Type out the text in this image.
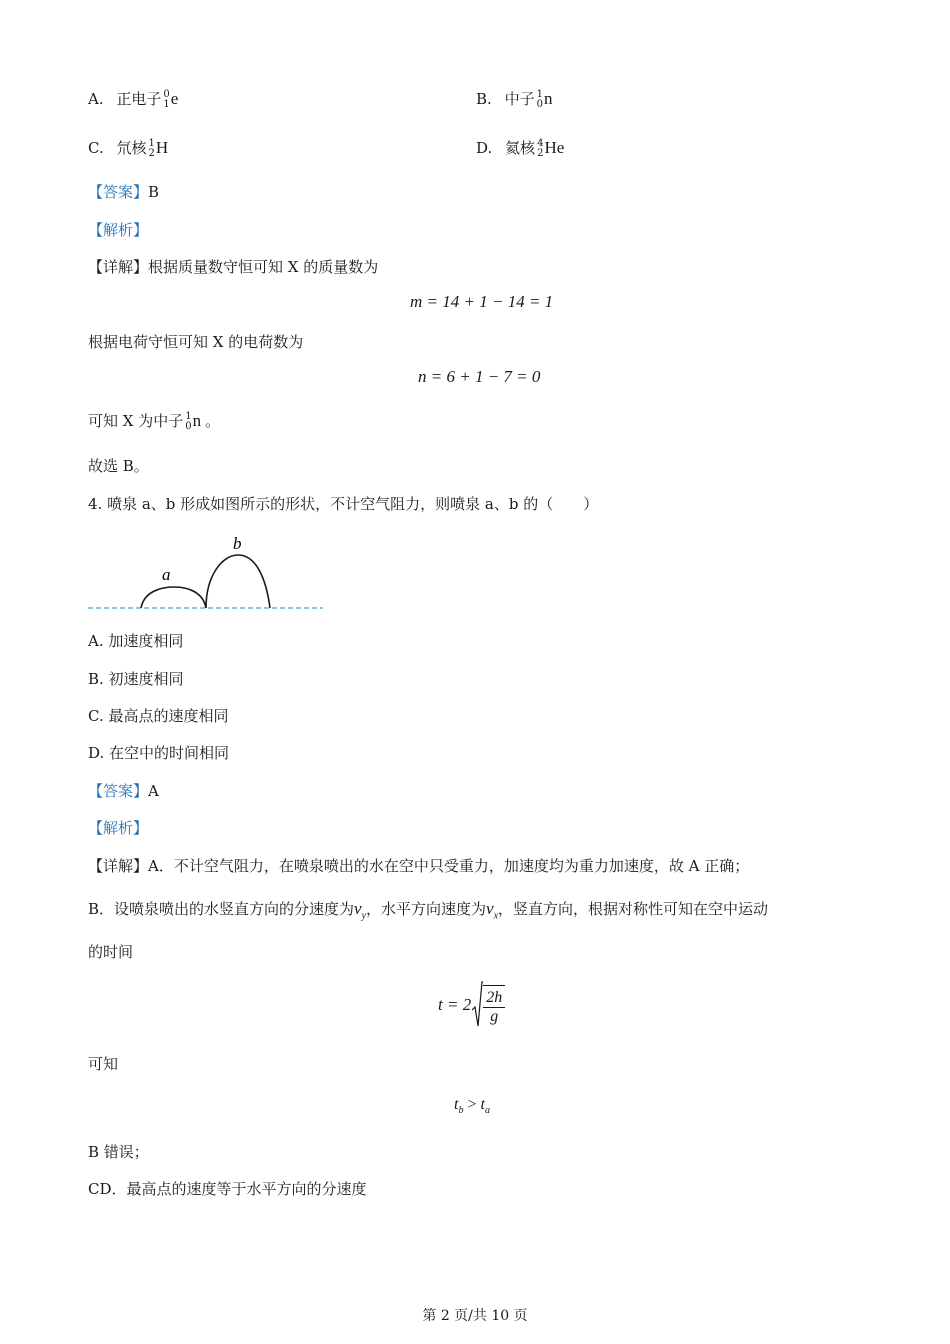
A. 正电子 0
1 e	B. 中子 1
0 n
C. 氘核 1
2 H	D. 氦核 4
2 He
【答案】B
【解析】
【详解】根据质量数守恒可知 X 的质量数为
m = 14 + 1 − 14 = 1
根据电荷守恒可知 X 的电荷数为
n = 6 + 1 − 7 = 0
可知 X 为中子 1
0 n 。
故选 B。
4. 喷泉 a、b 形成如图所示的形状，不计空气阻力，则喷泉 a、b 的（　　）
a
b
A. 加速度相同
B. 初速度相同
C. 最高点的速度相同
D. 在空中的时间相同
【答案】A
【解析】
【详解】A．不计空气阻力，在喷泉喷出的水在空中只受重力，加速度均为重力加速度，故 A 正确；
B．设喷泉喷出的水竖直方向的分速度为$v_y$，水平方向速度为$v_x$，竖直方向，根据对称性可知在空中运动
的时间
$t = 2 \frac{2h}{g}$
可知
$t_b > t_a$
B 错误；
CD．最高点的速度等于水平方向的分速度
第 2 页/共 10 页
